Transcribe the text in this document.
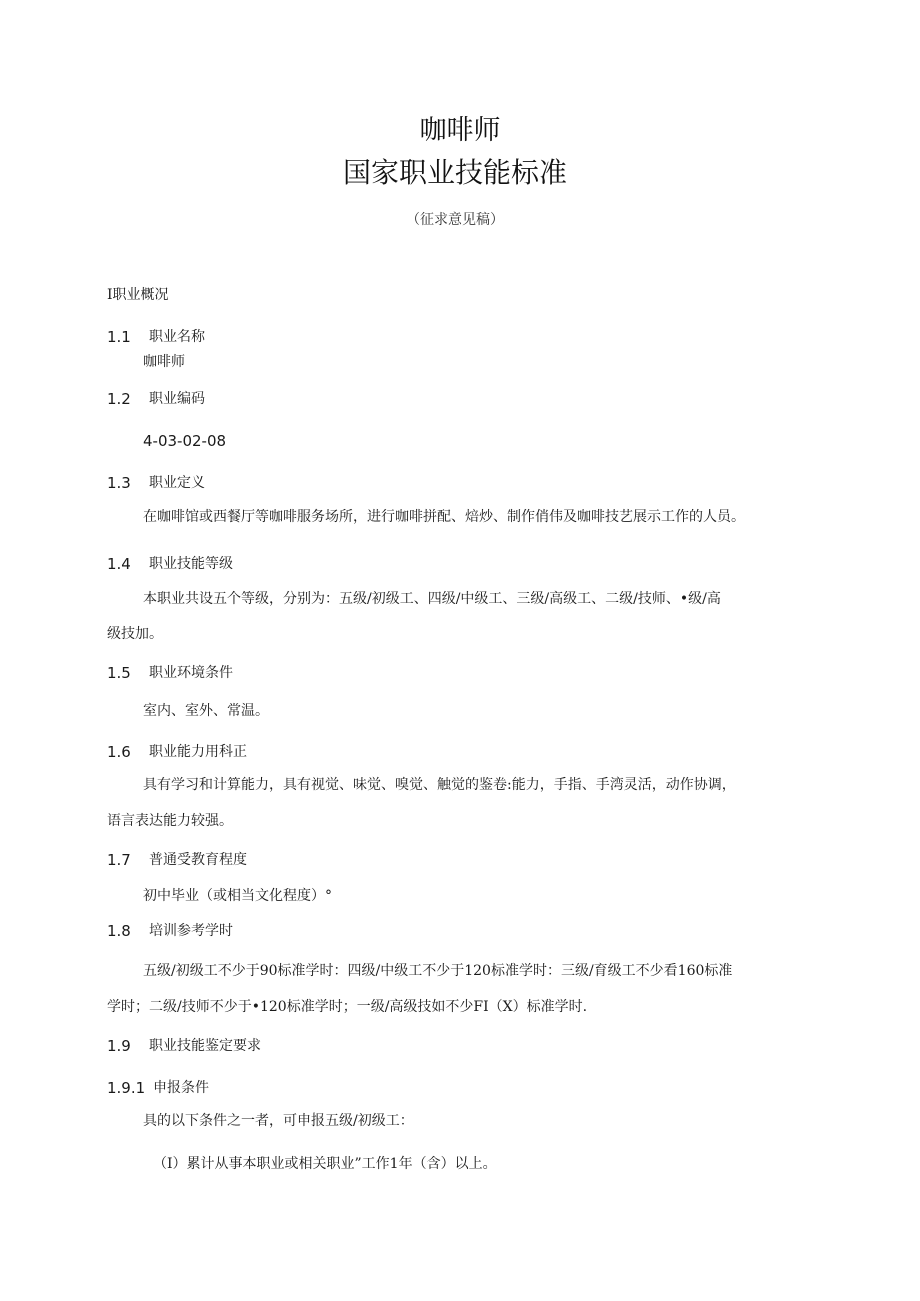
咖啡师
国家职业技能标准
（征求意见稿）
I职业概况
1.1 职业名称
咖啡师
1.2 职业编码
4-03-02-08
1.3 职业定义
在咖啡馆或西餐厅等咖啡服务场所，进行咖啡拼配、焙炒、制作俏伟及咖啡技艺展示工作的人员。
1.4 职业技能等级
本职业共设五个等级，分别为：五级/初级工、四级/中级工、三级/高级工、二级/技师、•级/高
级技加。
1.5 职业环境条件
室内、室外、常温。
1.6 职业能力用科正
具有学习和计算能力，具有视觉、味觉、嗅觉、触觉的鉴卷:能力，手指、手湾灵活，动作协调，
语言表达能力较强。
1.7 普通受教育程度
初中毕业（或相当文化程度）°
1.8 培训参考学时
五级/初级工不少于90标准学时：四级/中级工不少于120标准学时：三级/育级工不少看160标准
学时；二级/技师不少于•120标准学时；一级/高级技如不少FI（X）标准学时.
1.9 职业技能鉴定要求
1.9.1 申报条件
具的以下条件之一者，可申报五级/初级工：
（I）累计从事本职业或相关职业”工作1年（含）以上。
